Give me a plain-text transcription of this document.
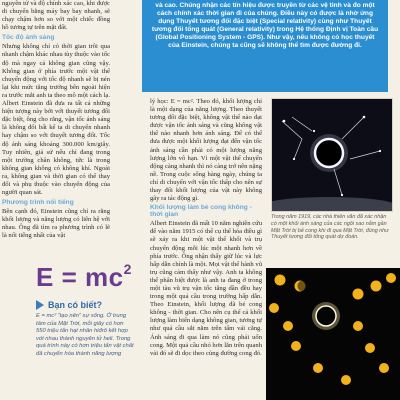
nguyên tử và độ chính xác cao, khi được di chuyển bằng máy bay bay nhanh, sẽ chạy chậm hơn so với một chiếc đồng hồ tương tự trên mặt đất.

Tốc độ ánh sáng

Nhưng không chỉ có thời gian trôi qua nhanh chậm khác nhau tùy thuộc vào tốc độ mà ngay cả không gian cũng vậy. Không gian ở phía trước một vật thể chuyển động với tốc độ nhanh sẽ bị nén lại khi mức tăng trưởng bên ngoài hiện ra trước mắt anh ta theo mô một cách lạ. Albert Einstein đã đưa ra tất cả những hiện tượng này bởi với thuyết tương đối đặc biệt, ông cho rằng, vận tốc ánh sáng là không đổi bất kể ta di chuyển nhanh hay chậm so với thuyết tương đối. Tốc độ ánh sáng khoảng 300.000 km/giây. Tuy nhiên, giả sử nếu chỉ đang trong một trường chân không, tức là trong không gian không có không khí. Ngoài ra, không gian và thời gian có thể thay đổi và phụ thuộc vào chuyển động của người quan sát.

Phương trình nổi tiếng

Bên cạnh đó, Einstein cũng chỉ ra rằng khối lượng và năng lượng có liên hệ với nhau. Ông đã tìm ra phương trình có lẽ là nổi tiếng nhất của vật

$E = mc^2$
Bạn có biết?

E = mc² “tạo nên” sự sống. Ở trung tâm của Mặt Trời, mỗi giây có hơn 550 triệu tấn hạt nhân hiđrô kết hợp với nhau thành nguyên tử heli. Trong quá trình này có hơn triệu tấn vật chất đã chuyển hóa thành năng lượng

và cao. Chúng nhận các tín hiệu được truyền từ các vệ tinh và đo một cách chính xác thời gian đi của chúng. Điều này có được là nhờ ứng dụng Thuyết tương đối đặc biệt (Special relativity) cùng như Thuyết tương đối tổng quát (General relativity) trong Hệ thống Định vị Toàn cầu (Global Positioning System - GPS). Như vậy, nếu không có học thuyết của Einstein, chúng ta cũng sẽ không thể tìm được đường đi.

lý học: E = mc². Theo đó, khối lượng chỉ là một dạng của năng lượng. Theo thuyết tương đối đặc biệt, không vật thể nào đạt được vận tốc ánh sáng và cũng không vật thể nào nhanh hơn ánh sáng. Để có thể đưa được một khối lượng đạt đến vận tốc ánh sáng cần phải có một lượng năng lượng lớn vô hạn. Vì một vật thể chuyển động càng nhanh thì nó càng trở nên nặng nề. Trong cuộc sống hàng ngày, chúng ta chỉ di chuyển với vận tốc thấp cho nên sự thay đổi khối lượng của vật này không gây ra tác động gì.

Khối lượng làm bẻ cong không - thời gian

Albert Einstein đã mất 10 năm nghiên cứu để vào năm 1915 có thể cụ thể hóa điều gì sẽ xảy ra khi một vật thể khối và trụ chuyển động mỗi lúc một nhanh hơn về phía trước. Ông nhận thấy giữ lúc và lực hấp dẫn chính là một. Mọi vật thể hành vũ trụ cũng cảm thấy như vậy. Anh ta không thể phân biệt được là anh ta đang ở trong một tàu vũ trụ vận tốc tăng dần đều hay trong một quả cầu trong trường hấp dẫn. Theo Einstein, khối lượng đã bẻ cong không - thời gian. Cho nên cụ thể cả khối lượng làm biến dạng không gian, tương tự như quả cầu sắt nằm trên tấm vải căng. Ánh sáng đi qua làm nó cũng phải uốn cong. Một quả cầu nhỏ hơn lăn trên quanh vải đó sẽ đi dọc theo cùng đường cong đó.

Trong năm 1919, các nhà thiên văn đã xác nhận có một khối ánh sáng của các ngôi sao nằm gần Mặt Trời bị bẻ cong khi đi qua Mặt Trời, đúng như Thuyết tương đối tổng quát dự đoán.
